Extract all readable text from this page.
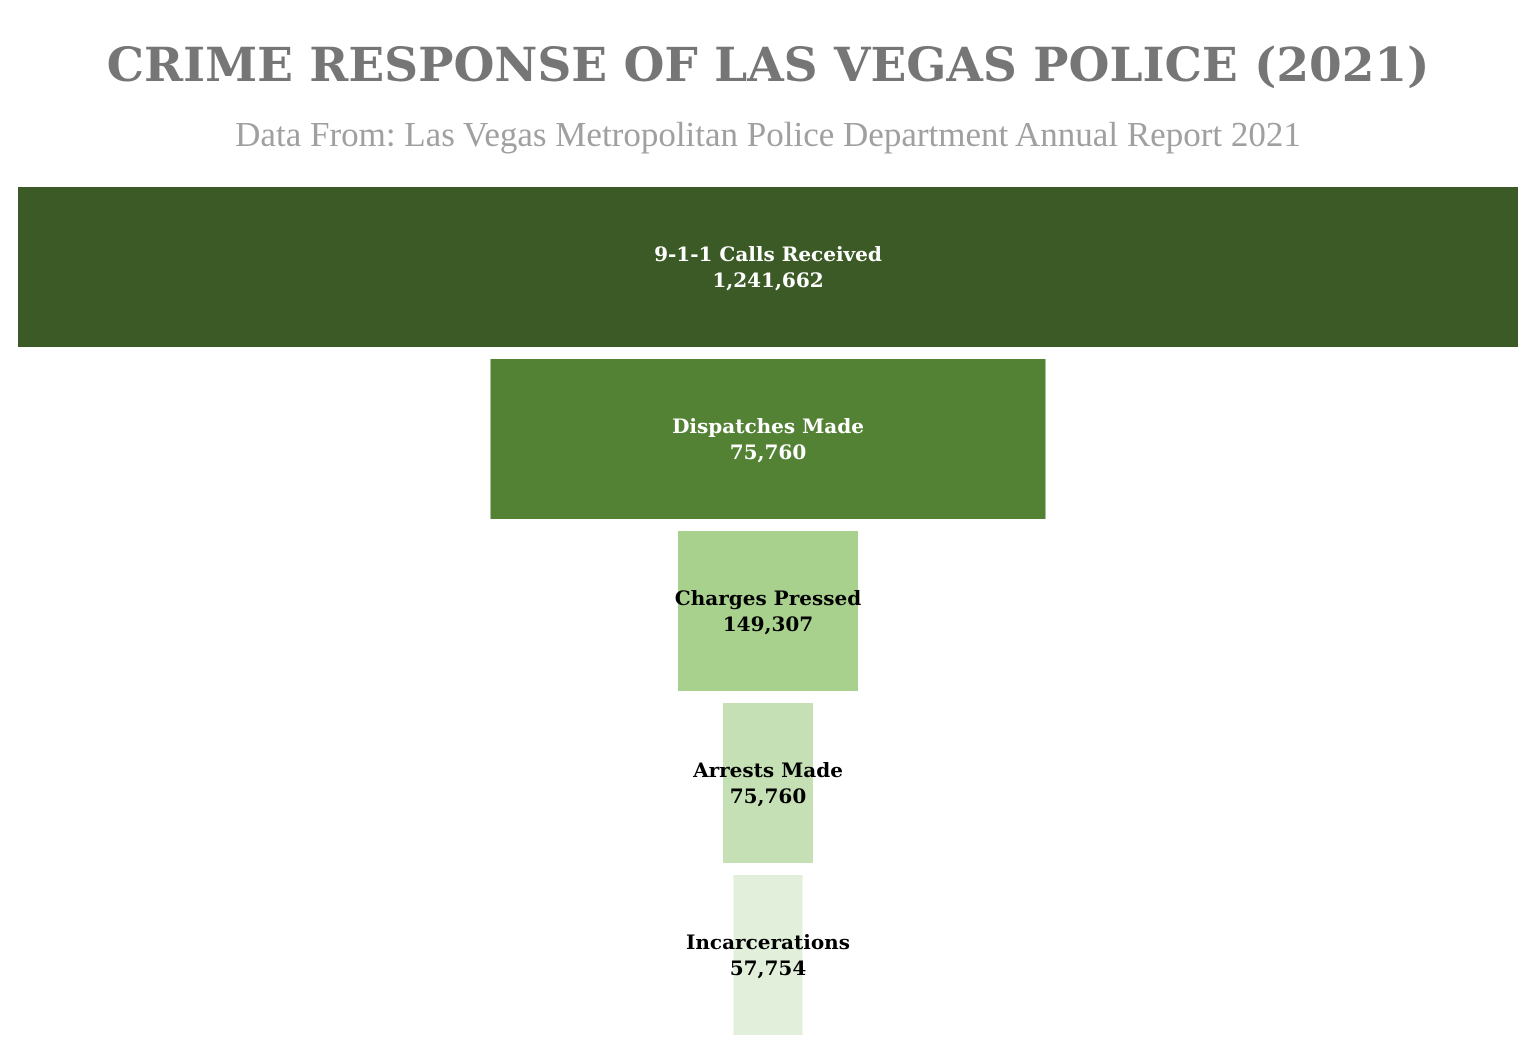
CRIME RESPONSE OF LAS VEGAS POLICE (2021)
Data From: Las Vegas Metropolitan Police Department Annual Report 2021
9-1-1 Calls Received
1,241,662
Dispatches Made
75,760
Charges Pressed
149,307
Arrests Made
75,760
Incarcerations
57,754
